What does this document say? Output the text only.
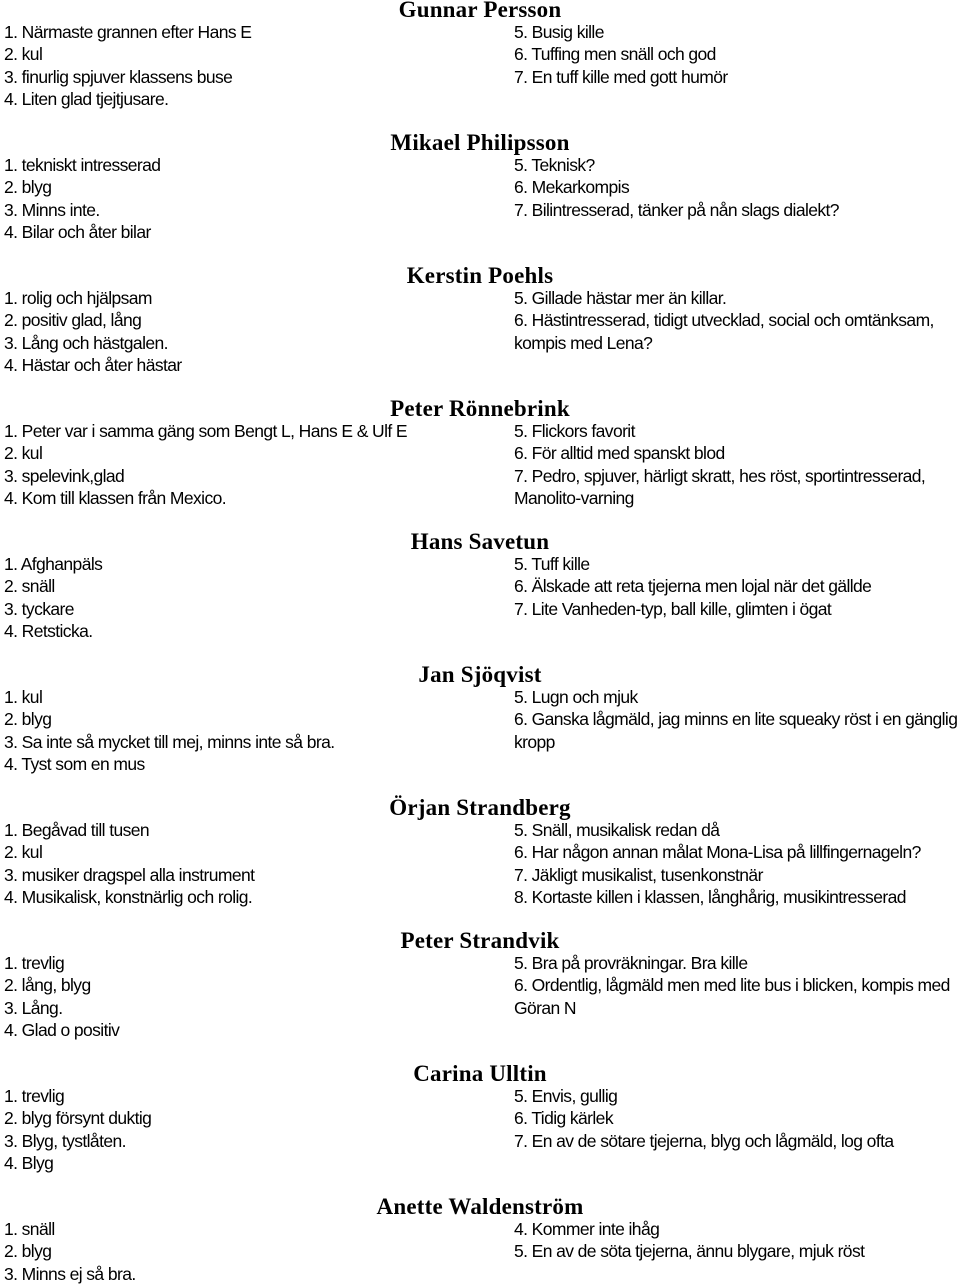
Gunnar Persson
1. Närmaste grannen efter Hans E
2. kul
3. finurlig spjuver klassens buse
4. Liten glad tjejtjusare.
5. Busig kille
6. Tuffing men snäll och god
7. En tuff kille med gott humör
Mikael Philipsson
1. tekniskt intresserad
2. blyg
3. Minns inte.
4. Bilar och åter bilar
5. Teknisk?
6. Mekarkompis
7. Bilintresserad, tänker på nån slags dialekt?
Kerstin Poehls
1. rolig och hjälpsam
2. positiv glad, lång
3. Lång och hästgalen.
4. Hästar och åter hästar
5. Gillade hästar mer än killar.
6. Hästintresserad, tidigt utvecklad, social och omtänksam,
kompis med Lena?
Peter Rönnebrink
1. Peter var i samma gäng som Bengt L, Hans E & Ulf E
2. kul
3. spelevink,glad
4. Kom till klassen från Mexico.
5. Flickors favorit
6. För alltid med spanskt blod
7. Pedro, spjuver, härligt skratt, hes röst, sportintresserad,
Manolito-varning
Hans Savetun
1. Afghanpäls
2. snäll
3. tyckare
4. Retsticka.
5. Tuff kille
6. Älskade att reta tjejerna men lojal när det gällde
7. Lite Vanheden-typ, ball kille, glimten i ögat
Jan Sjöqvist
1. kul
2. blyg
3. Sa inte så mycket till mej, minns inte så bra.
4. Tyst som en mus
5. Lugn och mjuk
6. Ganska lågmäld, jag minns en lite squeaky röst i en gänglig
kropp
Örjan Strandberg
1. Begåvad till tusen
2. kul
3. musiker dragspel alla instrument
4. Musikalisk, konstnärlig och rolig.
5. Snäll, musikalisk redan då
6. Har någon annan målat Mona-Lisa på lillfingernageln?
7. Jäkligt musikalist, tusenkonstnär
8. Kortaste killen i klassen, långhårig, musikintresserad
Peter Strandvik
1. trevlig
2. lång, blyg
3. Lång.
4. Glad o positiv
5. Bra på provräkningar. Bra kille
6. Ordentlig, lågmäld men med lite bus i blicken, kompis med
Göran N
Carina Ulltin
1. trevlig
2. blyg försynt duktig
3. Blyg, tystlåten.
4. Blyg
5. Envis, gullig
6. Tidig kärlek
7. En av de sötare tjejerna, blyg och lågmäld, log ofta
Anette Waldenström
1. snäll
2. blyg
3. Minns ej så bra.
4. Kommer inte ihåg
5. En av de söta tjejerna, ännu blygare, mjuk röst
